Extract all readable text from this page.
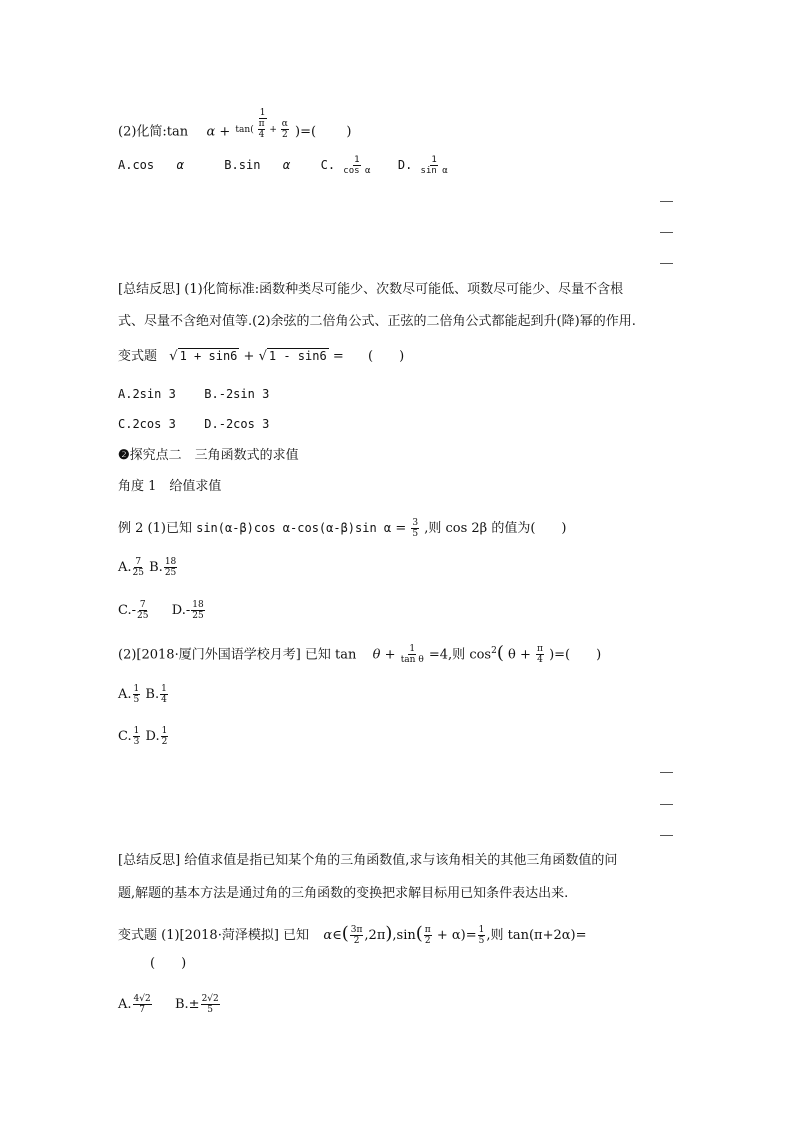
(2)化简:tan α +
1
$\tan( \frac{\pi}{4} + \frac{\alpha}{2}$ )=( )
A.cos α	B.sin α	C. $\frac{1}{\text{cos α}} D$. $\frac{1}{\text{sin α}}$
[总结反思] (1)化简标准:函数种类尽可能少、次数尽可能低、项数尽可能少、尽量不含根
式、尽量不含绝对值等.(2)余弦的二倍角公式、正弦的二倍角公式都能起到升(降)幂的作用.
变式题 √ 1 + sin6 + √ 1 - sin6 = (　　)
A.2sin 3 B.-2sin 3
C.2cos 3 D.-2cos 3
❷探究点二　三角函数式的求值
角度 1　给值求值
例 2 (1)已知 sin(α-β)cos α-cos(α-β)sin $\alpha = \frac{3}{5}$ ,则 cos 2β 的值为(　　)
A. $\frac{7}{25} B$. $\frac{18}{25}$
$C.- \frac{7}{25} D.- \frac{18}{25}$
(2)[2018·厦门外国语学校月考] 已知 $\tan \theta + \frac{1}{\text{tan θ}} =4$,则 $\cos^2$( $\theta + \frac{\pi}{4}$ )=(　　)
A. $\frac{1}{5} B$. $\frac{1}{4}$
C. $\frac{1}{3} D$. $\frac{1}{2}$
[总结反思] 给值求值是指已知某个角的三角函数值,求与该角相关的其他三角函数值的问
题,解题的基本方法是通过角的三角函数的变换把求解目标用已知条件表达出来.
变式题 (1)[2018·菏泽模拟] 已知 α∈( $\frac{3\pi}{2} ,2\pi),\sin( \frac{\pi}{2} + \alpha)= \frac{1}{5}$ ,则 tan(π+2α)=
(　　)
A. $\frac{4√2}{7} B.\pm \frac{2√2}{5}$
